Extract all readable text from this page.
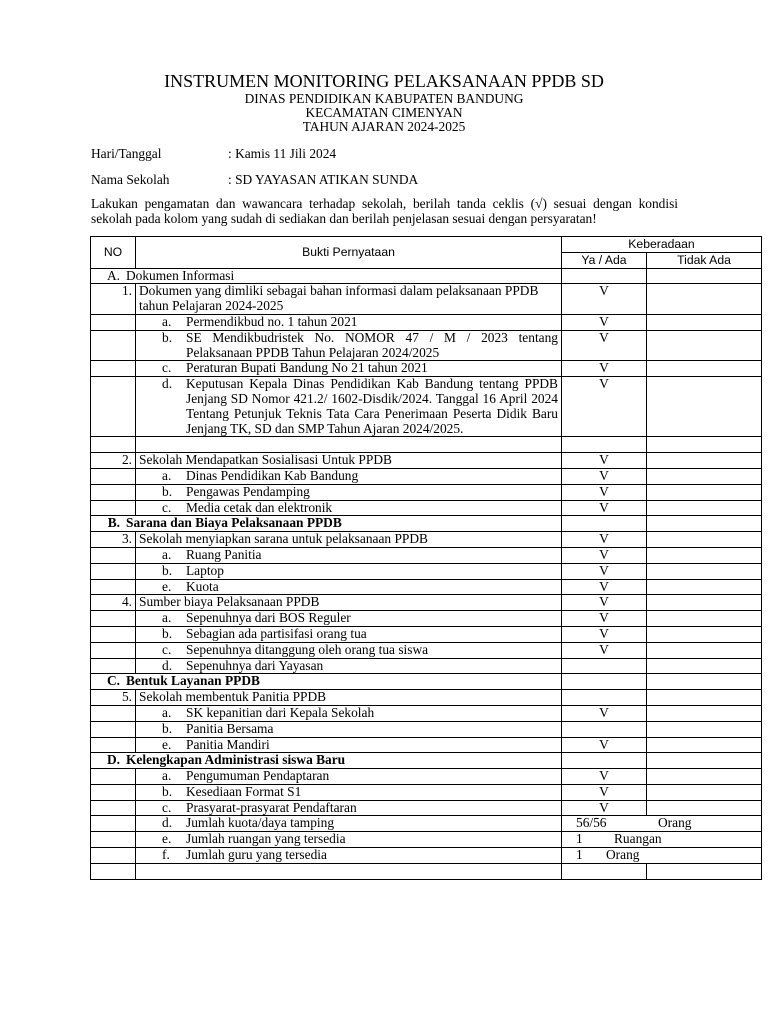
INSTRUMEN MONITORING PELAKSANAAN PPDB SD
DINAS PENDIDIKAN KABUPATEN BANDUNG
KECAMATAN CIMENYAN
TAHUN AJARAN 2024-2025
Hari/Tanggal	: Kamis 11 Jili 2024
Nama Sekolah	: SD YAYASAN ATIKAN SUNDA
Lakukan pengamatan dan wawancara terhadap sekolah, berilah tanda ceklis (√) sesuai dengan kondisi
sekolah pada kolom yang sudah di sediakan dan berilah penjelasan sesuai dengan persyaratan!
NO	Bukti Pernyataan	Keberadaan	
		Ya / Ada	Tidak Ada
A. Dokumen Informasi			
1.	Dokumen yang dimliki sebagai bahan informasi dalam pelaksanaan PPDB tahun Pelajaran 2024-2025	V	

	a. Permendikbud no. 1 tahun 2021	V	

	b. SE Mendikbudristek No. NOMOR 47 / M / 2023 tentang Pelaksanaan PPDB Tahun Pelajaran 2024/2025	V	

	c. Peraturan Bupati Bandung No 21 tahun 2021	V	

	d. Keputusan Kepala Dinas Pendidikan Kab Bandung tentang PPDB Jenjang SD Nomor 421.2/ 1602-Disdik/2024. Tanggal 16 April 2024 Tentang Petunjuk Teknis Tata Cara Penerimaan Peserta Didik Baru Jenjang TK, SD dan SMP Tahun Ajaran 2024/2025.	V	

2.	Sekolah Mendapatkan Sosialisasi Untuk PPDB	V	

	a. Dinas Pendidikan Kab Bandung	V	

	b. Pengawas Pendamping	V	

	c. Media cetak dan elektronik	V	
B. Sarana dan Biaya Pelaksanaan PPDB			
3.	Sekolah menyiapkan sarana untuk pelaksanaan PPDB	V	

	a. Ruang Panitia	V	

	b. Laptop	V	

	e. Kuota	V	
4.	Sumber biaya Pelaksanaan PPDB	V	

	a. Sepenuhnya dari BOS Reguler	V	

	b. Sebagian ada partisifasi orang tua	V	

	c. Sepenuhnya ditanggung oleh orang tua siswa	V	

	d. Sepenuhnya dari Yayasan		

C. Bentuk Layanan PPDB			
5.	Sekolah membentuk Panitia PPDB		

	a. SK kepanitian dari Kepala Sekolah	V	

	b. Panitia Bersama		

	e. Panitia Mandiri	V	
D. Kelengkapan Administrasi siswa Baru			

	a. Pengumuman Pendaptaran	V	

	b. Kesediaan Format S1	V	

	c. Prasyarat-prasyarat Pendaftaran	V	

	d. Jumlah kuota/daya tamping	56/56 Orang	

	e. Jumlah ruangan yang tersedia	1 Ruangan	

	f. Jumlah guru yang tersedia	1 Orang	
